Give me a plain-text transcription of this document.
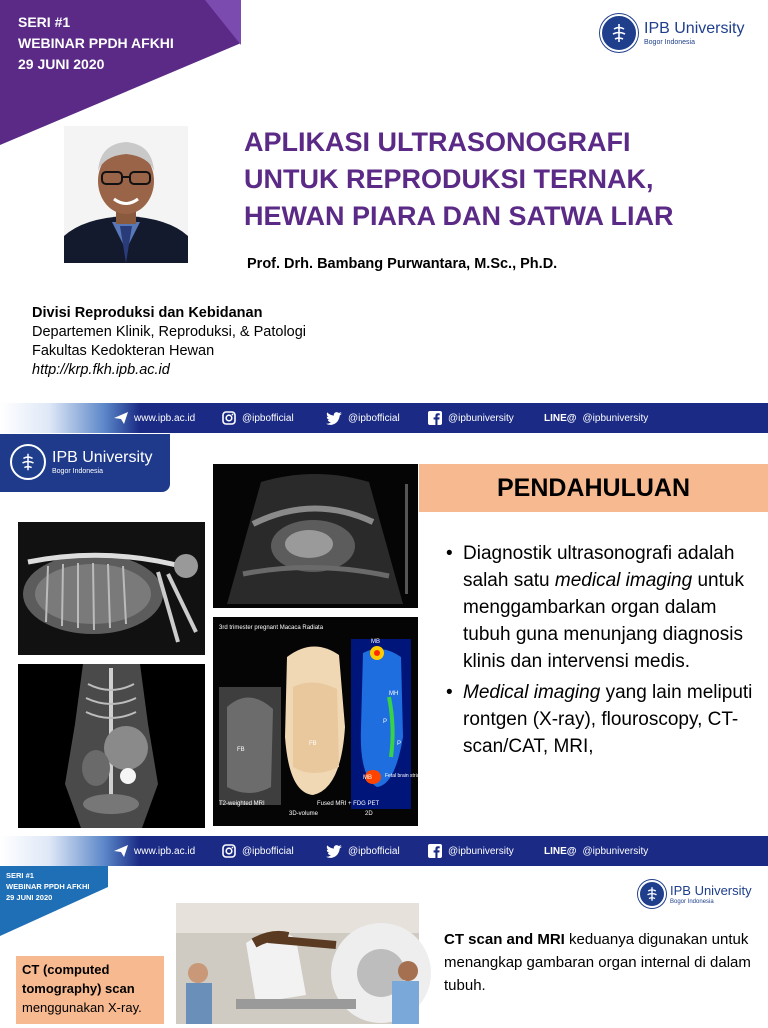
SERI #1
WEBINAR PPDH AFKHI
29 JUNI 2020
IPB University
Bogor Indonesia
APLIKASI ULTRASONOGRAFI
UNTUK REPRODUKSI TERNAK,
HEWAN PIARA DAN SATWA LIAR
Prof. Drh. Bambang Purwantara, M.Sc., Ph.D.
Divisi Reproduksi dan Kebidanan
Departemen Klinik, Reproduksi, & Patologi
Fakultas Kedokteran Hewan
http://krp.fkh.ipb.ac.id
www.ipb.ac.id	@ipbofficial	@ipbofficial	@ipbuniversity	LINE@ @ipbuniversity
IPB University
Bogor Indonesia
3rd trimester pregnant Macaca Radiata
FB
FB
MB
MH
P
P
MB	Fetal brain striatum
T2-weighted MRI	Fused MRI + FDG PET
3D-volume	2D
PENDAHULUAN
• Diagnostik ultrasonografi adalah salah satu medical imaging untuk menggambarkan organ dalam tubuh guna menunjang diagnosis klinis dan intervensi medis.
• Medical imaging yang lain meliputi rontgen (X-ray), flouroscopy, CT-scan/CAT, MRI,
www.ipb.ac.id	@ipbofficial	@ipbofficial	@ipbuniversity	LINE@ @ipbuniversity
SERI #1
WEBINAR PPDH AFKHI
29 JUNI 2020	IPB University
Bogor Indonesia
CT (computed tomography) scan menggunakan X-ray.
CT scan and MRI keduanya digunakan untuk menangkap gambaran organ internal di dalam tubuh.
